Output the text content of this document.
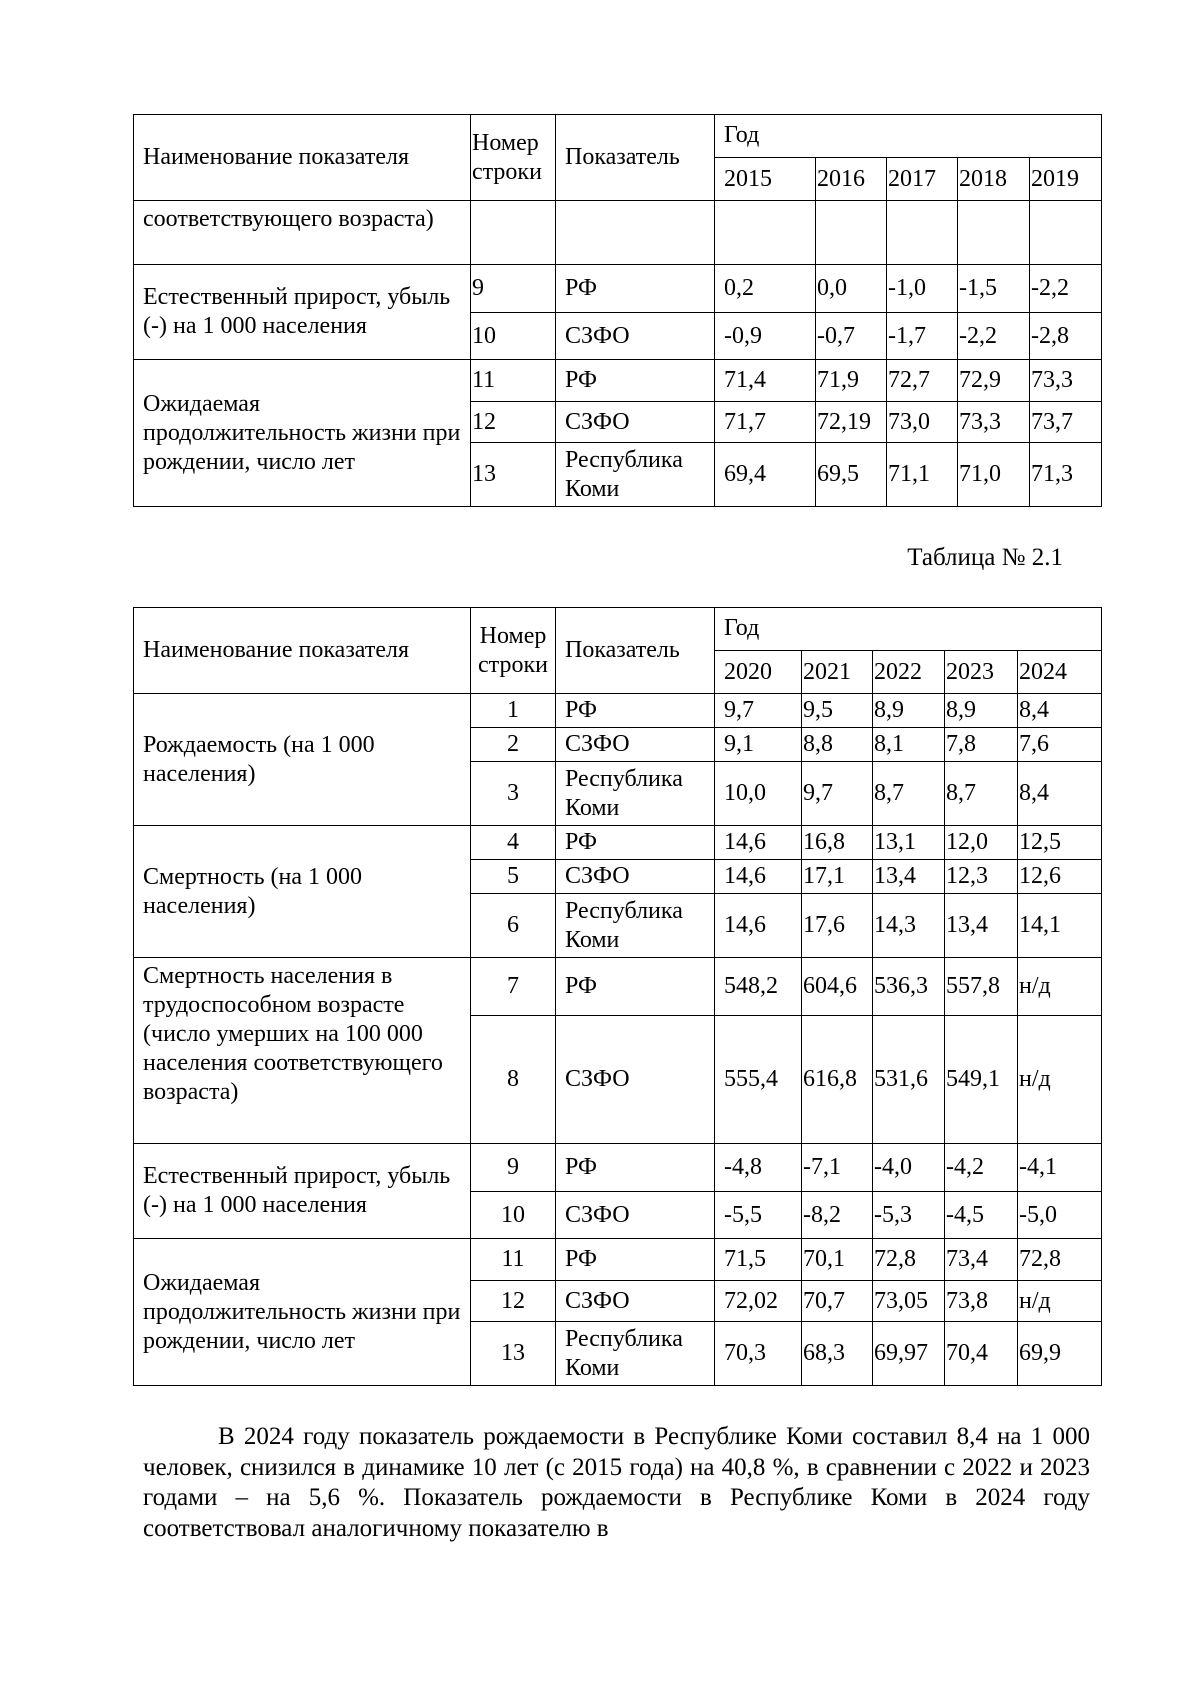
Наименование показателя	Номер строки	Показатель	Год				
			2015	2016	2017	2018	2019
соответствующего возраста)							
Естественный прирост, убыль (-) на 1 000 населения	9	РФ	0,2	0,0	-1,0	-1,5	-2,2
	10	СЗФО	-0,9	-0,7	-1,7	-2,2	-2,8
Ожидаемая продолжительность жизни при рождении, число лет	11	РФ	71,4	71,9	72,7	72,9	73,3
	12	СЗФО	71,7	72,19	73,0	73,3	73,7
	13	Республика Коми	69,4	69,5	71,1	71,0	71,3
Таблица № 2.1
Наименование показателя	Номер строки	Показатель	Год				
			2020	2021	2022	2023	2024
Рождаемость (на 1 000 населения)	1	РФ	9,7	9,5	8,9	8,9	8,4
	2	СЗФО	9,1	8,8	8,1	7,8	7,6
	3	Республика Коми	10,0	9,7	8,7	8,7	8,4
Смертность (на 1 000 населения)	4	РФ	14,6	16,8	13,1	12,0	12,5
	5	СЗФО	14,6	17,1	13,4	12,3	12,6
	6	Республика Коми	14,6	17,6	14,3	13,4	14,1
Смертность населения в трудоспособном возрасте (число умерших на 100 000 населения соответствующего возраста)	7	РФ	548,2	604,6	536,3	557,8	н/д
	8	СЗФО	555,4	616,8	531,6	549,1	н/д
Естественный прирост, убыль (-) на 1 000 населения	9	РФ	-4,8	-7,1	-4,0	-4,2	-4,1
	10	СЗФО	-5,5	-8,2	-5,3	-4,5	-5,0
Ожидаемая продолжительность жизни при рождении, число лет	11	РФ	71,5	70,1	72,8	73,4	72,8
	12	СЗФО	72,02	70,7	73,05	73,8	н/д
	13	Республика Коми	70,3	68,3	69,97	70,4	69,9

В 2024 году показатель рождаемости в Республике Коми составил 8,4 на 1 000 человек, снизился в динамике 10 лет (с 2015 года) на 40,8 %, в сравнении с 2022 и 2023 годами – на 5,6 %. Показатель рождаемости в Республике Коми в 2024 году соответствовал аналогичному показателю в
